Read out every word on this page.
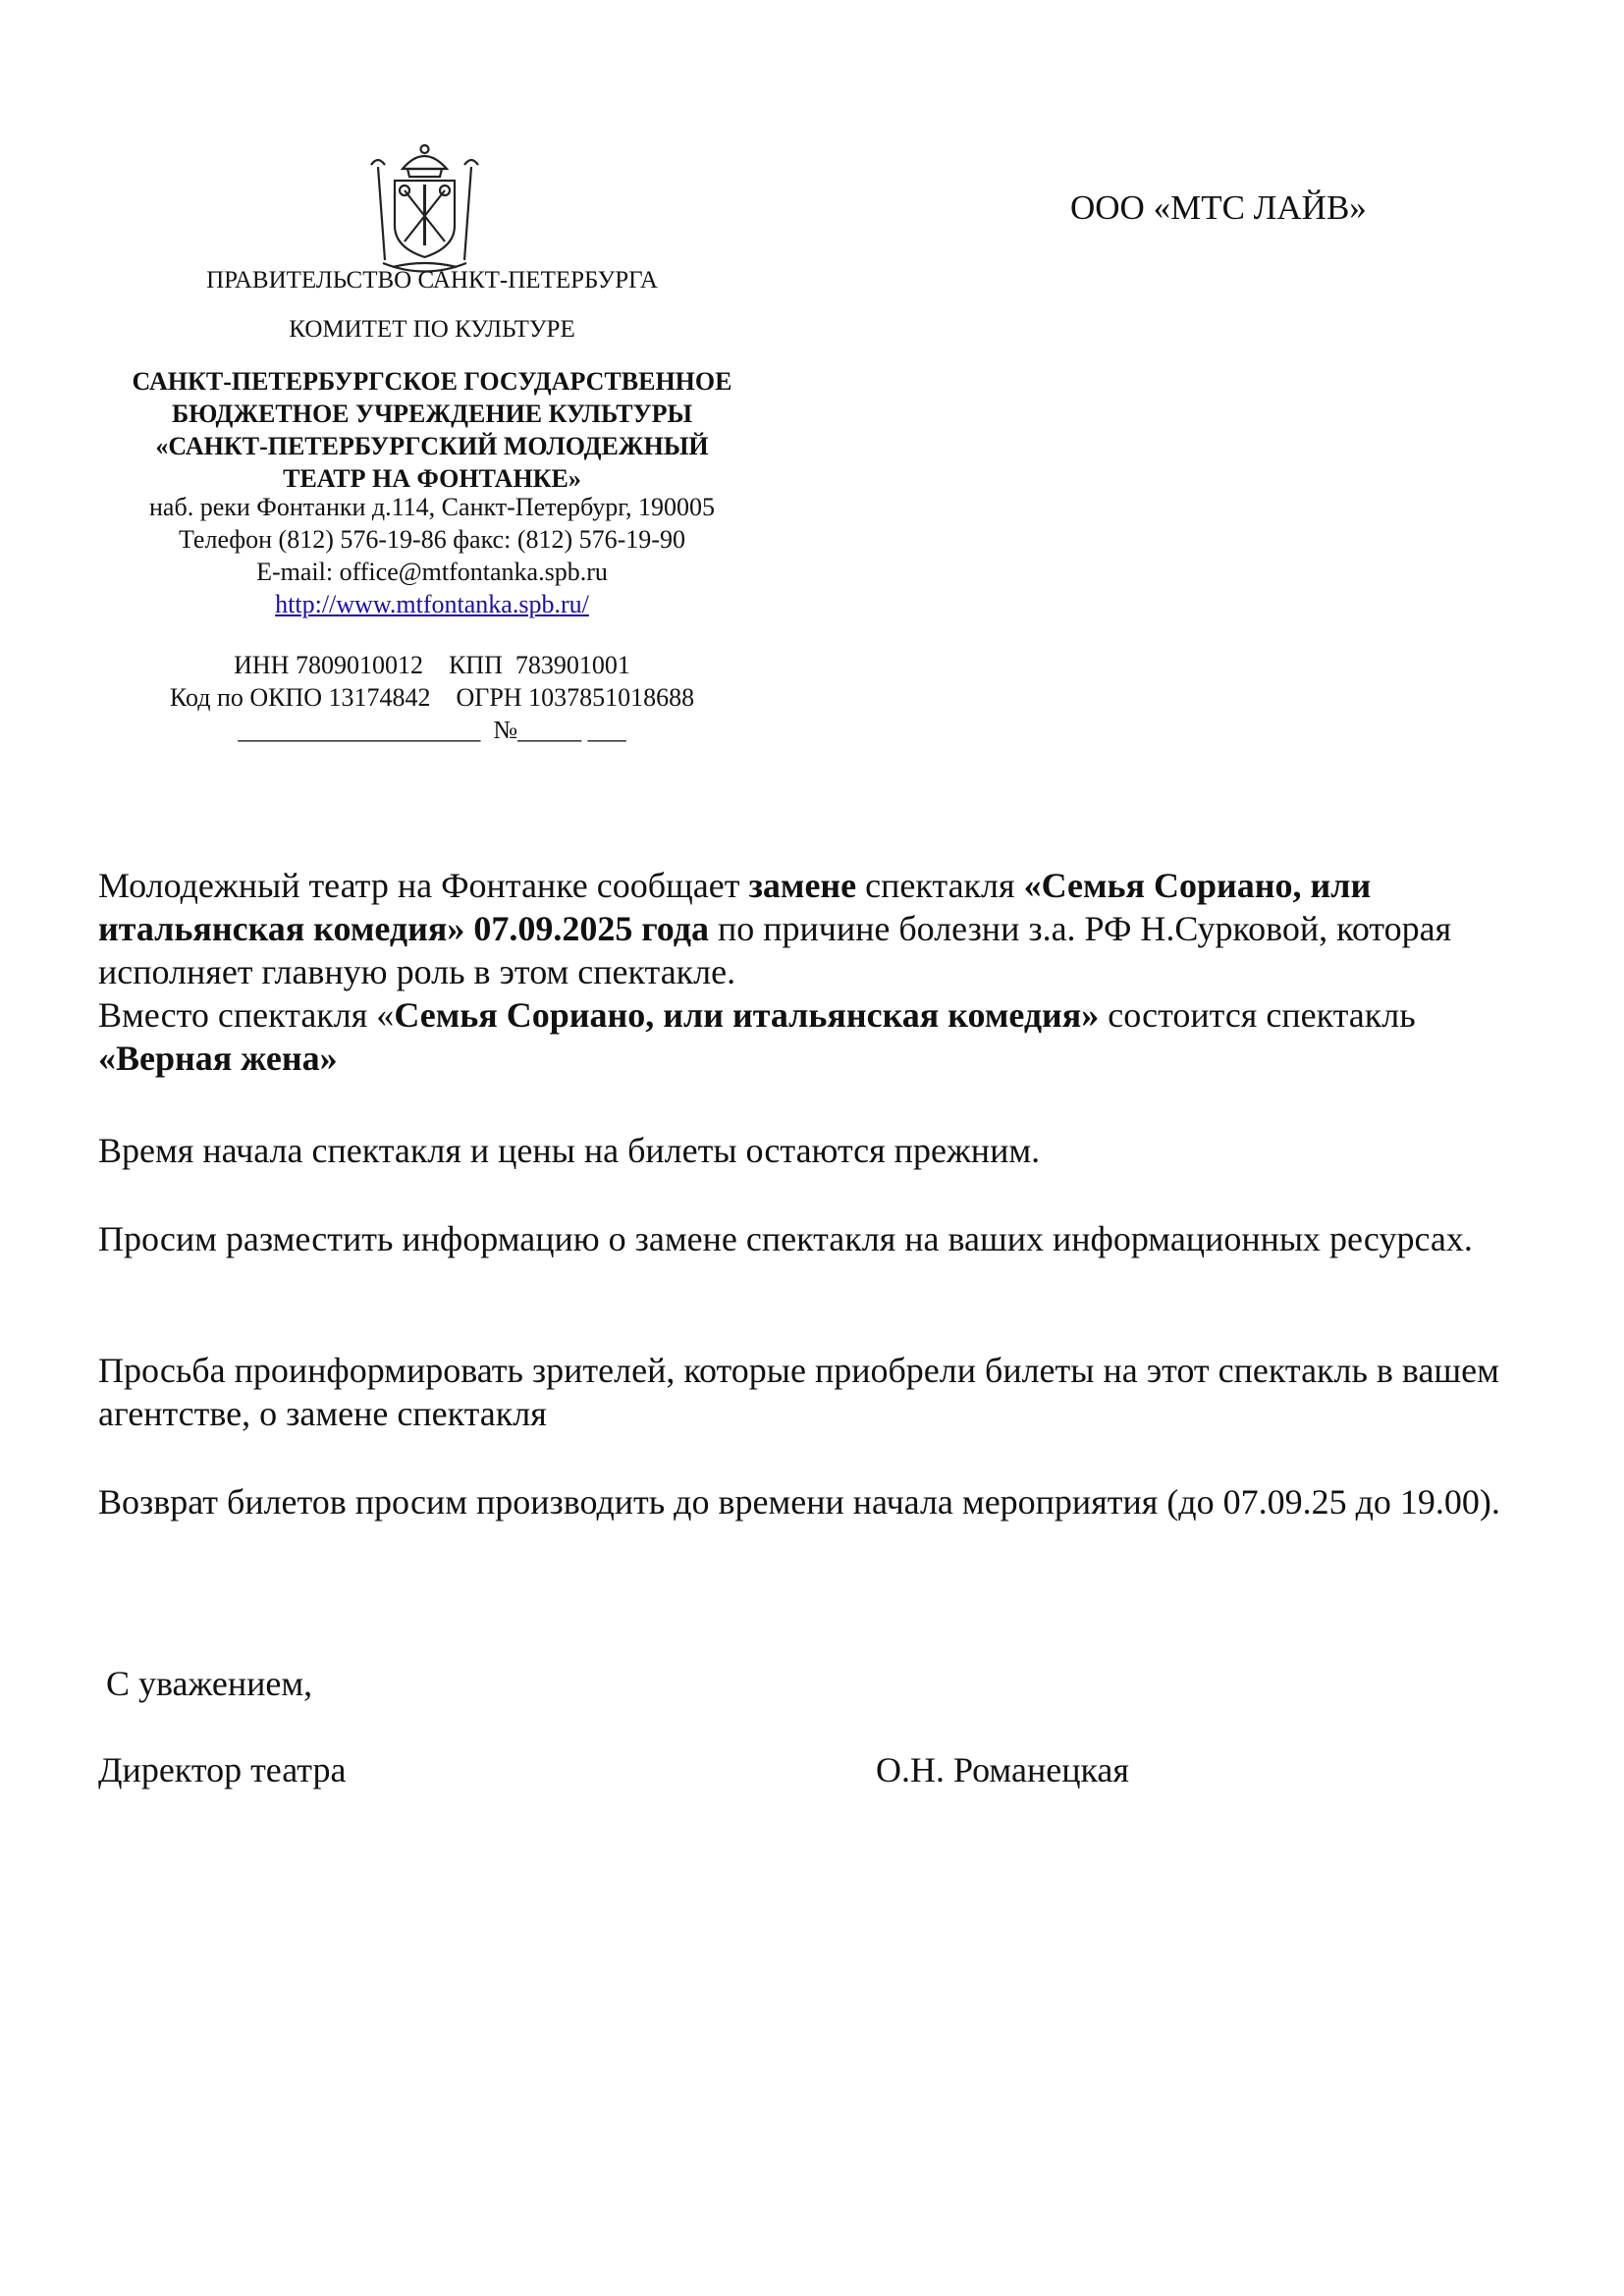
ООО «МТС ЛАЙВ»
ПРАВИТЕЛЬСТВО САНКТ-ПЕТЕРБУРГА
КОМИТЕТ ПО КУЛЬТУРЕ
САНКТ-ПЕТЕРБУРГСКОЕ ГОСУДАРСТВЕННОЕ
БЮДЖЕТНОЕ УЧРЕЖДЕНИЕ КУЛЬТУРЫ
«САНКТ-ПЕТЕРБУРГСКИЙ МОЛОДЕЖНЫЙ
ТЕАТР НА ФОНТАНКЕ»
наб. реки Фонтанки д.114, Санкт-Петербург, 190005
Телефон (812) 576-19-86 факс: (812) 576-19-90
E-mail: office@mtfontanka.spb.ru
http://www.mtfontanka.spb.ru/
ИНН 7809010012    КПП  783901001
Код по ОКПО 13174842    ОГРН 1037851018688
___________________  №_____ ___
Молодежный театр на Фонтанке сообщает замене спектакля «Семья Сориано, или итальянская комедия» 07.09.2025 года по причине болезни з.а. РФ Н.Сурковой, которая исполняет главную роль в этом спектакле.
Вместо спектакля «Семья Сориано, или итальянская комедия» состоится спектакль
«Верная жена»
Время начала спектакля и цены на билеты остаются прежним.
Просим разместить информацию о замене спектакля на ваших информационных ресурсах.
Просьба проинформировать зрителей, которые приобрели билеты на этот спектакль в вашем агентстве, о замене спектакля
Возврат билетов просим производить до времени начала мероприятия (до 07.09.25 до 19.00).
С уважением,
Директор театра	О.Н. Романецкая
